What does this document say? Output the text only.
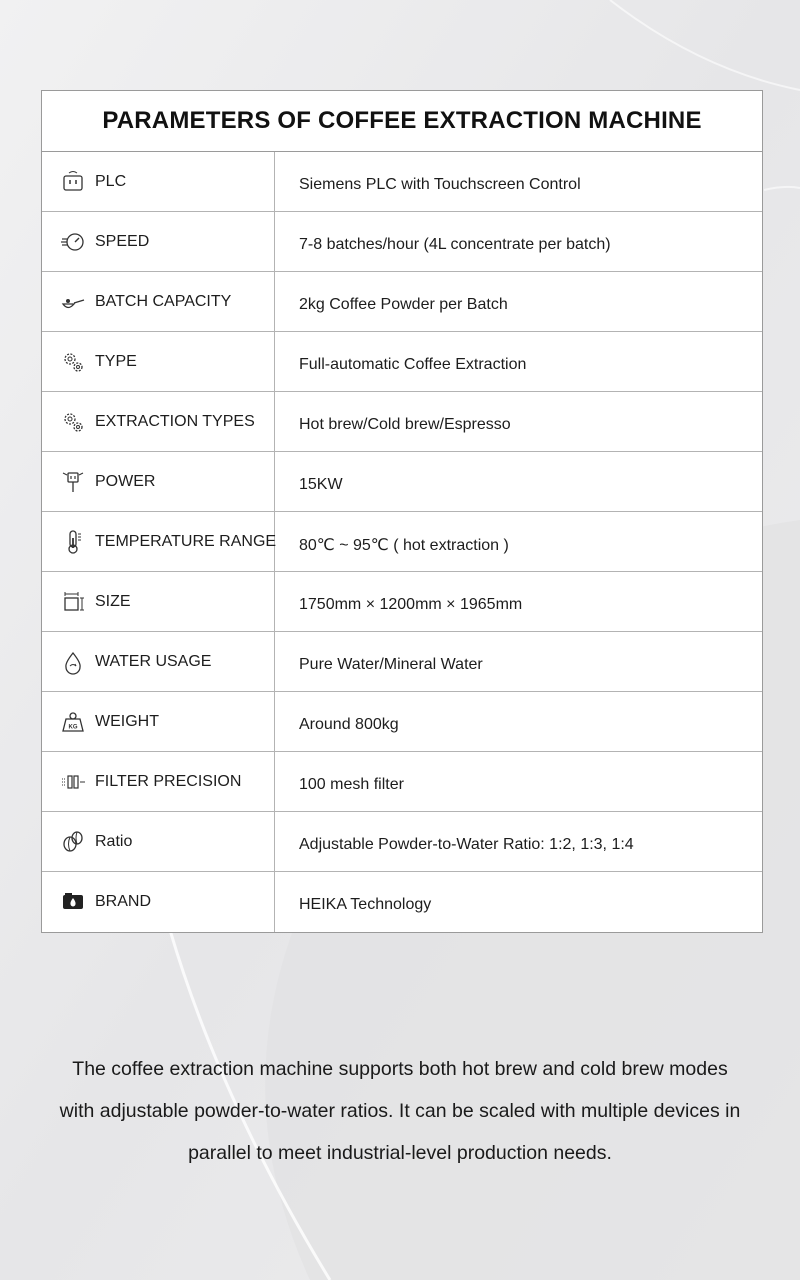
PARAMETERS OF COFFEE EXTRACTION MACHINE
PLC	Siemens PLC with Touchscreen Control
SPEED	7-8 batches/hour (4L concentrate per batch)
BATCH CAPACITY	2kg Coffee Powder per Batch
TYPE	Full-automatic Coffee Extraction
EXTRACTION TYPES	Hot brew/Cold brew/Espresso
POWER	15KW
TEMPERATURE RANGE	80℃ ~ 95℃ ( hot extraction )
SIZE	1750mm × 1200mm × 1965mm
WATER USAGE	Pure Water/Mineral Water
KG WEIGHT	Around 800kg
FILTER PRECISION	100 mesh filter
Ratio	Adjustable Powder-to-Water Ratio: 1:2, 1:3, 1:4
BRAND	HEIKA Technology
The coffee extraction machine supports both hot brew and cold brew modes
with adjustable powder-to-water ratios. It can be scaled with multiple devices in
parallel to meet industrial-level production needs.
